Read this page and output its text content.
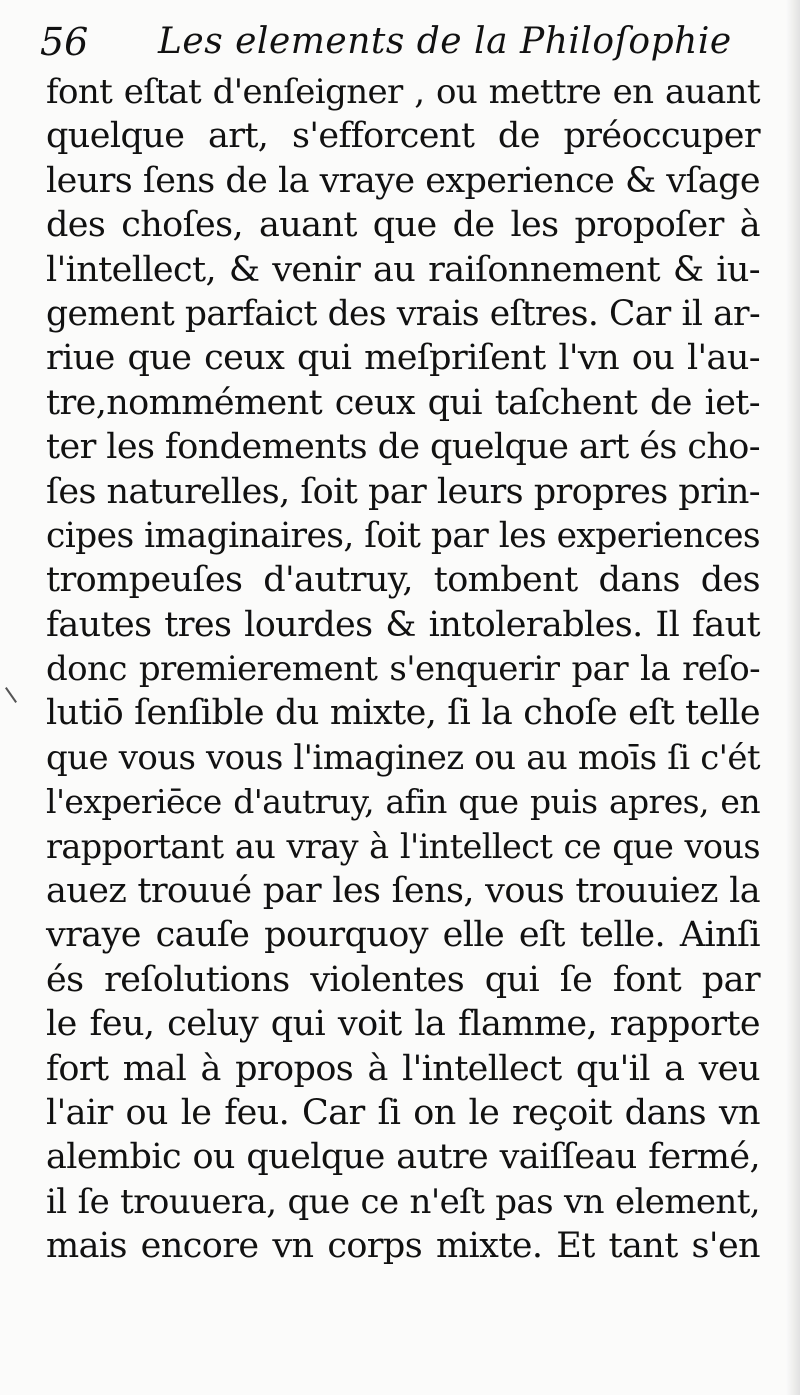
56 Les elements de la Philoſophie
font eſtat d'enſeigner , ou mettre en auant
quelque art, s'efforcent de préoccuper
leurs ſens de la vraye experience & vſage
des choſes, auant que de les propoſer à
l'intellect, & venir au raiſonnement & iu-
gement parfaict des vrais eſtres. Car il ar-
riue que ceux qui meſpriſent l'vn ou l'au-
tre,nommément ceux qui taſchent de iet-
ter les fondements de quelque art és cho-
ſes naturelles, ſoit par leurs propres prin-
cipes imaginaires, ſoit par les experiences
trompeuſes d'autruy, tombent dans des
fautes tres lourdes & intolerables. Il faut
donc premierement s'enquerir par la reſo-
lutiō ſenſible du mixte, ſi la choſe eſt telle
que vous vous l'imaginez ou au moīs ſi c'ét
l'experiēce d'autruy, afin que puis apres, en
rapportant au vray à l'intellect ce que vous
auez trouué par les ſens, vous trouuiez la
vraye cauſe pourquoy elle eſt telle. Ainſi
és reſolutions violentes qui ſe font par
le feu, celuy qui voit la flamme, rapporte
fort mal à propos à l'intellect qu'il a veu
l'air ou le feu. Car ſi on le reçoit dans vn
alembic ou quelque autre vaiſſeau fermé,
il ſe trouuera, que ce n'eſt pas vn element,
mais encore vn corps mixte. Et tant s'en
